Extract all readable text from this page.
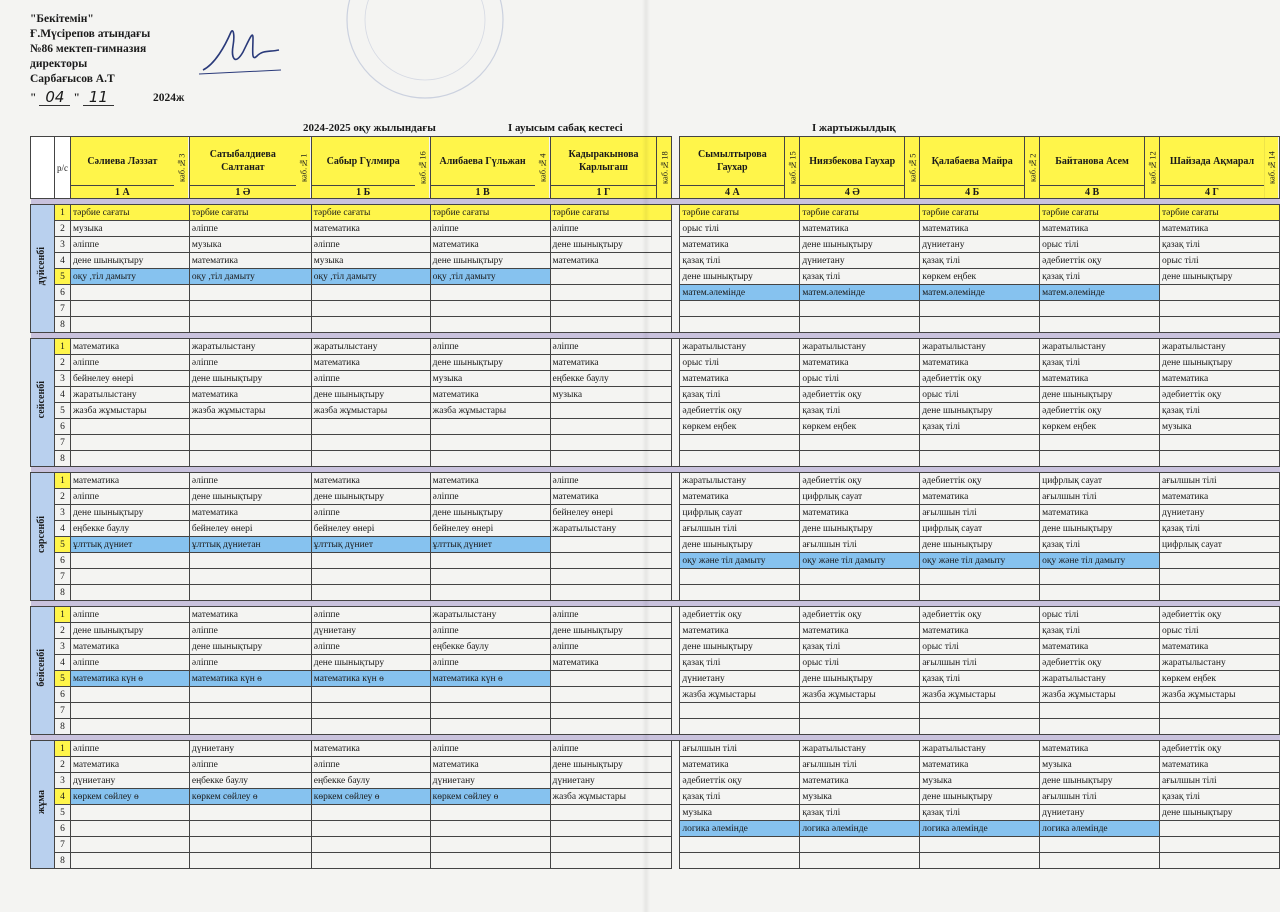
"Бекітемін"
Ғ.Мүсірепов атындағы
№86 мектеп-гимназия
директоры
Сарбағысов А.Т
" 04 " 11	2024ж
2024-2025 оқу жылындағы	І ауысым сабақ кестесі	І жартыжылдық
	р/с	Сәлиева Ләззат	каб.№3	Сатыбалдиева Салтанат	каб.№1	Сабыр Гүлмира	каб.№16	Алибаева Гүльжан	каб.№4	Кадыракынова Карлыгаш	каб.№18		Сымылтырова Гаухар	каб.№15	Ниязбекова Гаухар	каб.№5	Қалабаева Майра	каб.№2	Байтанова Асем	каб.№12	Шайзада Ақмарал	каб.№14
		1 А		1 Ә		1 Б		1 В		1 Г			4 А		4 Ә		4 Б		4 В		4 Г	

дүйсенбі	1	тәрбие сағаты		тәрбие сағаты		тәрбие сағаты		тәрбие сағаты		тәрбие сағаты			тәрбие сағаты		тәрбие сағаты		тәрбие сағаты		тәрбие сағаты		тәрбие сағаты	
	2	музыка		әліппе		математика		әліппе		әліппе			орыс тілі		математика		математика		математика		математика	
	3	әліппе		музыка		әліппе		математика		дене шынықтыру			математика		дене шынықтыру		дүниетану		орыс тілі		қазақ тілі	
	4	дене шынықтыру		математика		музыка		дене шынықтыру		математика			қазақ тілі		дүниетану		қазақ тілі		әдебиеттік оқу		орыс тілі	
	5	оқу ,тіл дамыту		оқу ,тіл дамыту		оқу ,тіл дамыту		оқу ,тіл дамыту					дене шынықтыру		қазақ тілі		көркем еңбек		қазақ тілі		дене шынықтыру	
	6												матем.әлемінде		матем.әлемінде		матем.әлемінде		матем.әлемінде			
	7																					
	8																					

сейсенбі	1	математика		жаратылыстану		жаратылыстану		әліппе		әліппе			жаратылыстану		жаратылыстану		жаратылыстану		жаратылыстану		жаратылыстану	
	2	әліппе		әліппе		математика		дене шынықтыру		математика			орыс тілі		математика		математика		қазақ тілі		дене шынықтыру	
	3	бейнелеу өнері		дене шынықтыру		әліппе		музыка		еңбекке баулу			математика		орыс тілі		әдебиеттік оқу		математика		математика	
	4	жаратылыстану		математика		дене шынықтыру		математика		музыка			қазақ тілі		әдебиеттік оқу		орыс тілі		дене шынықтыру		әдебиеттік оқу	
	5	жазба жұмыстары		жазба жұмыстары		жазба жұмыстары		жазба жұмыстары					әдебиеттік оқу		қазақ тілі		дене шынықтыру		әдебиеттік оқу		қазақ тілі	
	6												көркем еңбек		көркем еңбек		қазақ тілі		көркем еңбек		музыка	
	7																					
	8																					

сәрсенбі	1	математика		әліппе		математика		математика		әліппе			жаратылыстану		әдебиеттік оқу		әдебиеттік оқу		цифрлық сауат		ағылшын тілі	
	2	әліппе		дене шынықтыру		дене шынықтыру		әліппе		математика			математика		цифрлық сауат		математика		ағылшын тілі		математика	
	3	дене шынықтыру		математика		әліппе		дене шынықтыру		бейнелеу өнері			цифрлық сауат		математика		ағылшын тілі		математика		дүниетану	
	4	еңбекке баулу		бейнелеу өнері		бейнелеу өнері		бейнелеу өнері		жаратылыстану			ағылшын тілі		дене шынықтыру		цифрлық сауат		дене шынықтыру		қазақ тілі	
	5	ұлттық дүниет		ұлттық дүниетан		ұлттық дүниет		ұлттық дүниет					дене шынықтыру		ағылшын тілі		дене шынықтыру		қазақ тілі		цифрлық сауат	
	6												оқу және тіл дамыту		оқу және тіл дамыту		оқу және тіл дамыту		оқу және тіл дамыту			
	7																					
	8																					

бейсенбі	1	әліппе		математика		әліппе		жаратылыстану		әліппе			әдебиеттік оқу		әдебиеттік оқу		әдебиеттік оқу		орыс тілі		әдебиеттік оқу	
	2	дене шынықтыру		әліппе		дүниетану		әліппе		дене шынықтыру			математика		математика		математика		қазақ тілі		орыс тілі	
	3	математика		дене шынықтыру		әліппе		еңбекке баулу		әліппе			дене шынықтыру		қазақ тілі		орыс тілі		математика		математика	
	4	әліппе		әліппе		дене шынықтыру		әліппе		математика			қазақ тілі		орыс тілі		ағылшын тілі		әдебиеттік оқу		жаратылыстану	
	5	математика күн ө		математика күн ө		математика күн ө		математика күн ө					дүниетану		дене шынықтыру		қазақ тілі		жаратылыстану		көркем еңбек	
	6												жазба жұмыстары		жазба жұмыстары		жазба жұмыстары		жазба жұмыстары		жазба жұмыстары	
	7																					
	8																					

жұма	1	әліппе		дүниетану		математика		әліппе		әліппе			ағылшын тілі		жаратылыстану		жаратылыстану		математика		әдебиеттік оқу	
	2	математика		әліппе		әліппе		математика		дене шынықтыру			математика		ағылшын тілі		математика		музыка		математика	
	3	дүниетану		еңбекке баулу		еңбекке баулу		дүниетану		дүниетану			әдебиеттік оқу		математика		музыка		дене шынықтыру		ағылшын тілі	
	4	көркем сөйлеу ө		көркем сөйлеу ө		көркем сөйлеу ө		көркем сөйлеу ө		жазба жұмыстары			қазақ тілі		музыка		дене шынықтыру		ағылшын тілі		қазақ тілі	
	5												музыка		қазақ тілі		қазақ тілі		дүниетану		дене шынықтыру	
	6												логика әлемінде		логика әлемінде		логика әлемінде		логика әлемінде			
	7																					
	8																					
